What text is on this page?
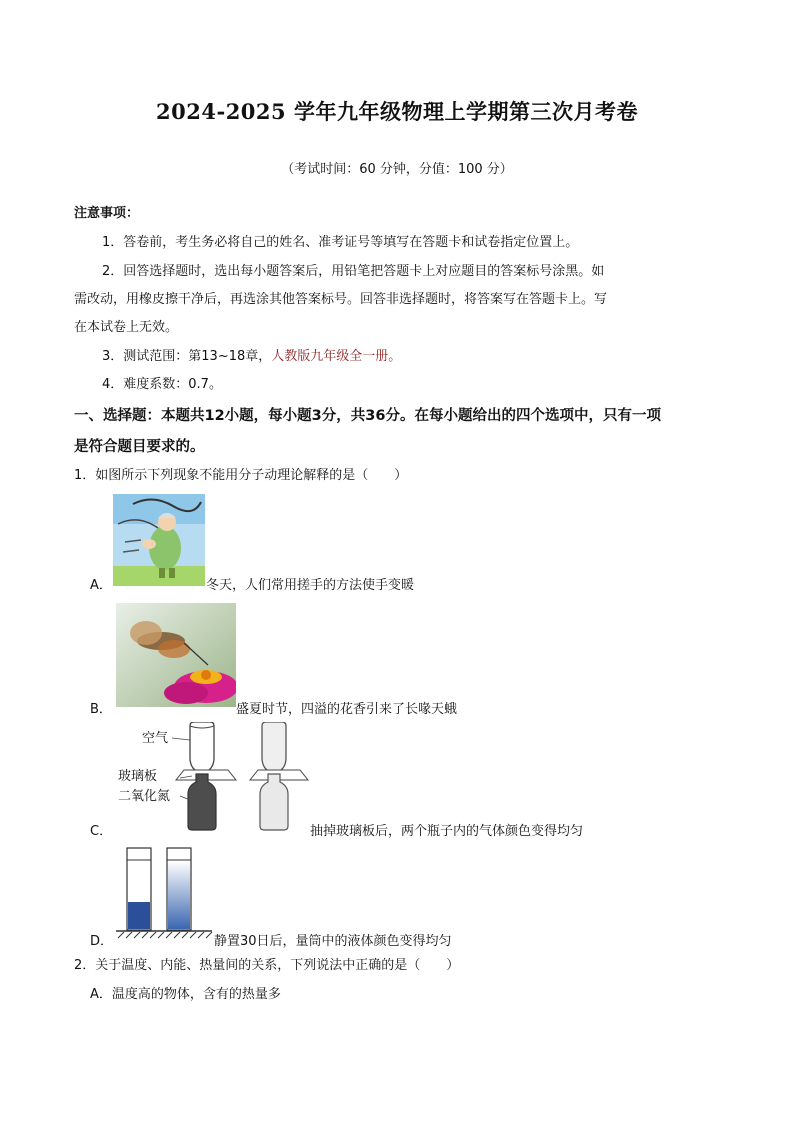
2024-2025 学年九年级物理上学期第三次月考卷
（考试时间：60 分钟，分值：100 分）
注意事项：
1．答卷前，考生务必将自己的姓名、准考证号等填写在答题卡和试卷指定位置上。
2．回答选择题时，选出每小题答案后，用铅笔把答题卡上对应题目的答案标号涂黑。如
需改动，用橡皮擦干净后，再选涂其他答案标号。回答非选择题时，将答案写在答题卡上。写
在本试卷上无效。
3．测试范围：第13~18章，人教版九年级全一册。
4．难度系数：0.7。
一、选择题：本题共12小题，每小题3分，共36分。在每小题给出的四个选项中，只有一项
是符合题目要求的。
1．如图所示下列现象不能用分子动理论解释的是（　　）
A．	冬天，人们常用搓手的方法使手变暖
B．	盛夏时节，四溢的花香引来了长喙天蛾
空气
玻璃板
二氧化氮
C．	抽掉玻璃板后，两个瓶子内的气体颜色变得均匀
D．	静置30日后，量筒中的液体颜色变得均匀
2．关于温度、内能、热量间的关系，下列说法中正确的是（　　）
A．温度高的物体，含有的热量多
